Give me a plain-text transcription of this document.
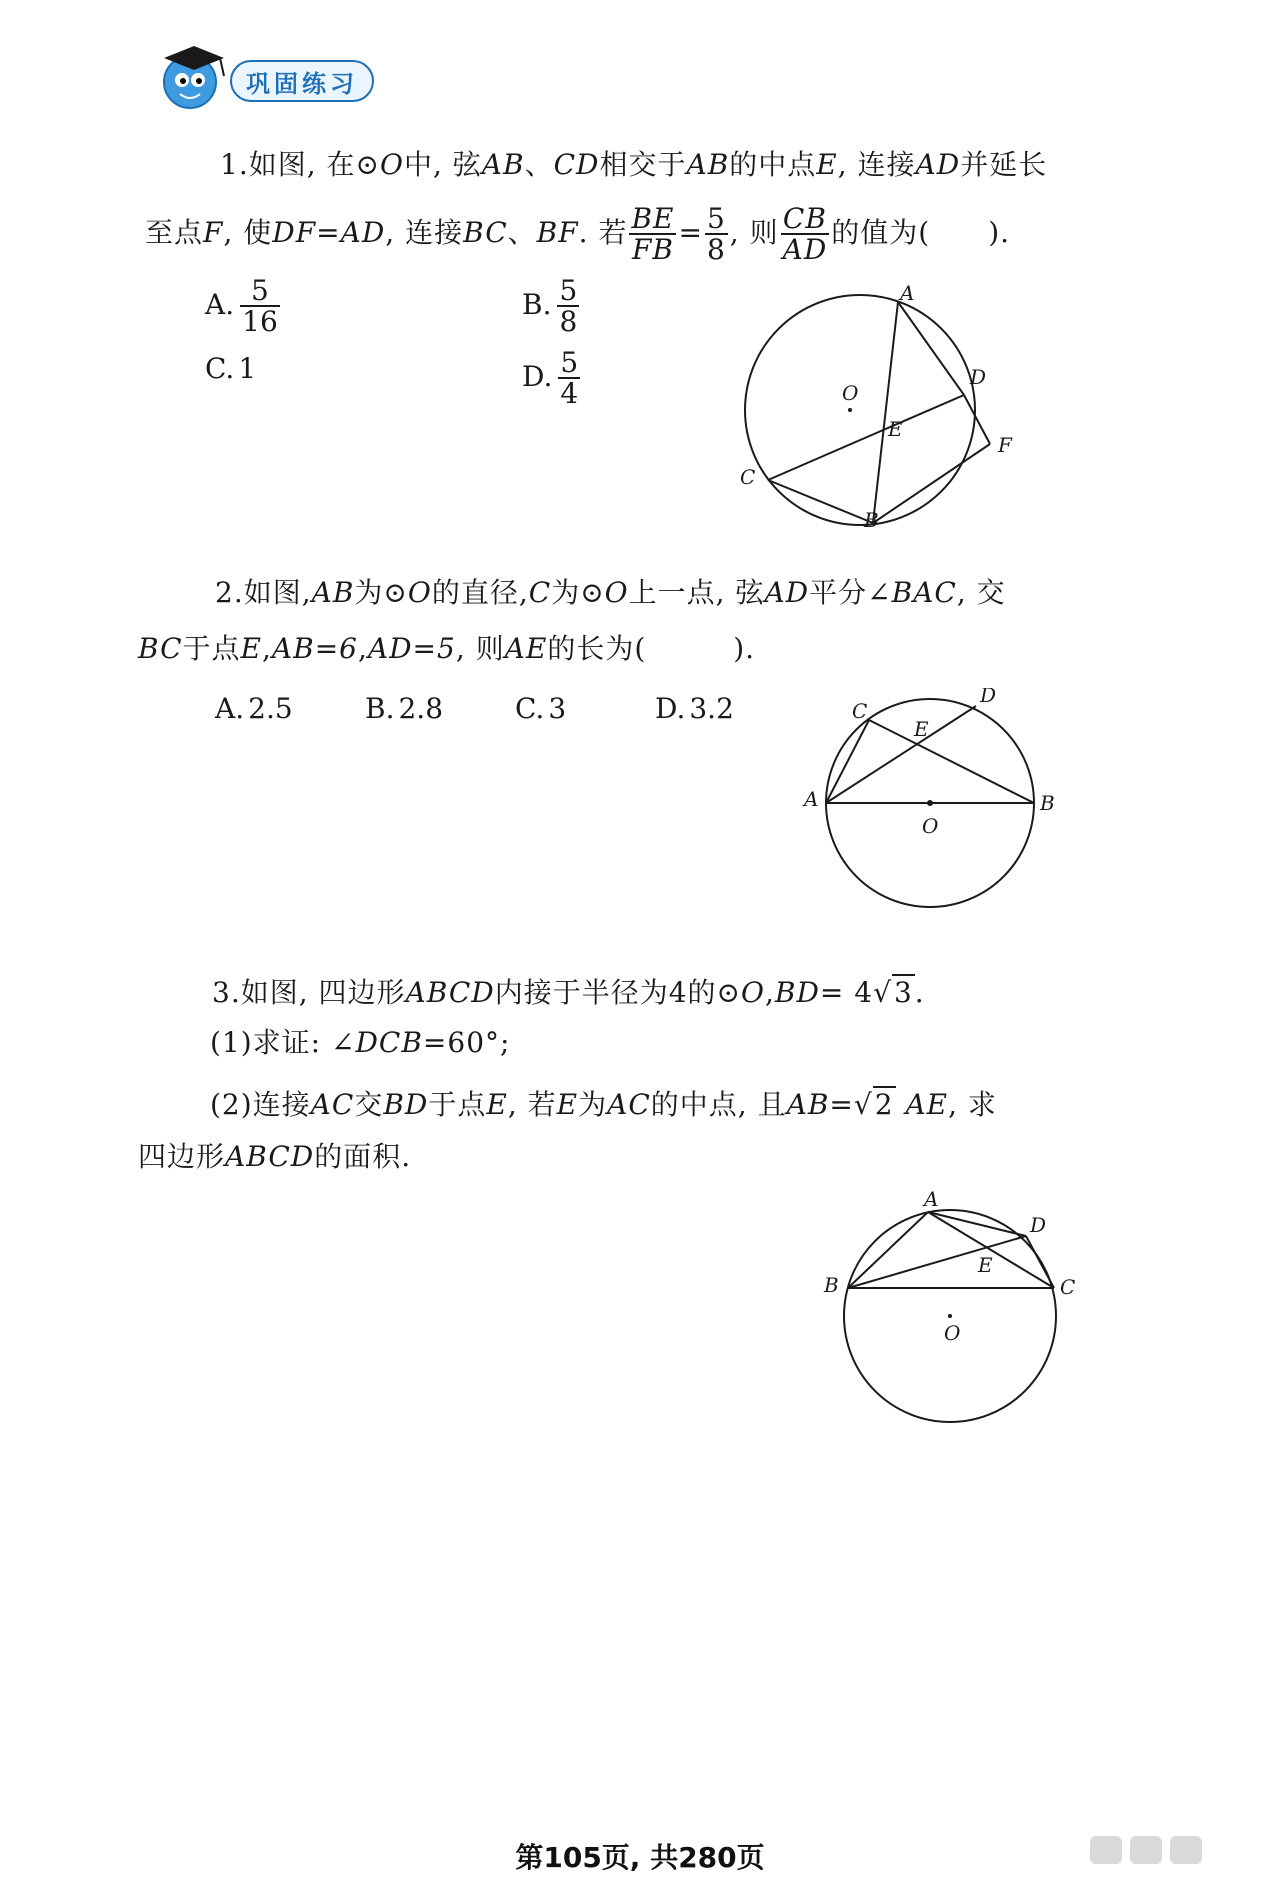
巩固练习
1.如图, 在⊙O中, 弦AB、CD相交于AB的中点E, 连接AD并延长
至点F, 使DF=AD, 连接BC、BF. 若 $\frac{BE}{FB} = \frac{5}{8}$ , 则 $\frac{CB}{AD}$ 的值为(　　).
A. $\frac{5}{16}$	B. $\frac{5}{8}$
C. 1	D. $\frac{5}{4}$
A
D
O
E
F
C
B
2.如图,AB为⊙O的直径,C为⊙O上一点, 弦AD平分∠BAC, 交
BC于点E,AB=6,AD=5, 则AE的长为(　　　).
A. 2.5	B. 2.8	C. 3	D. 3.2	C
D
E
A	B
O
3.如图, 四边形ABCD内接于半径为4的⊙O,BD= 4√3.
(1)求证: ∠DCB=60°;
(2)连接AC交BD于点E, 若E为AC的中点, 且AB=√2 AE, 求
四边形ABCD的面积.
A
D
E
B	C
O
第105页, 共280页
